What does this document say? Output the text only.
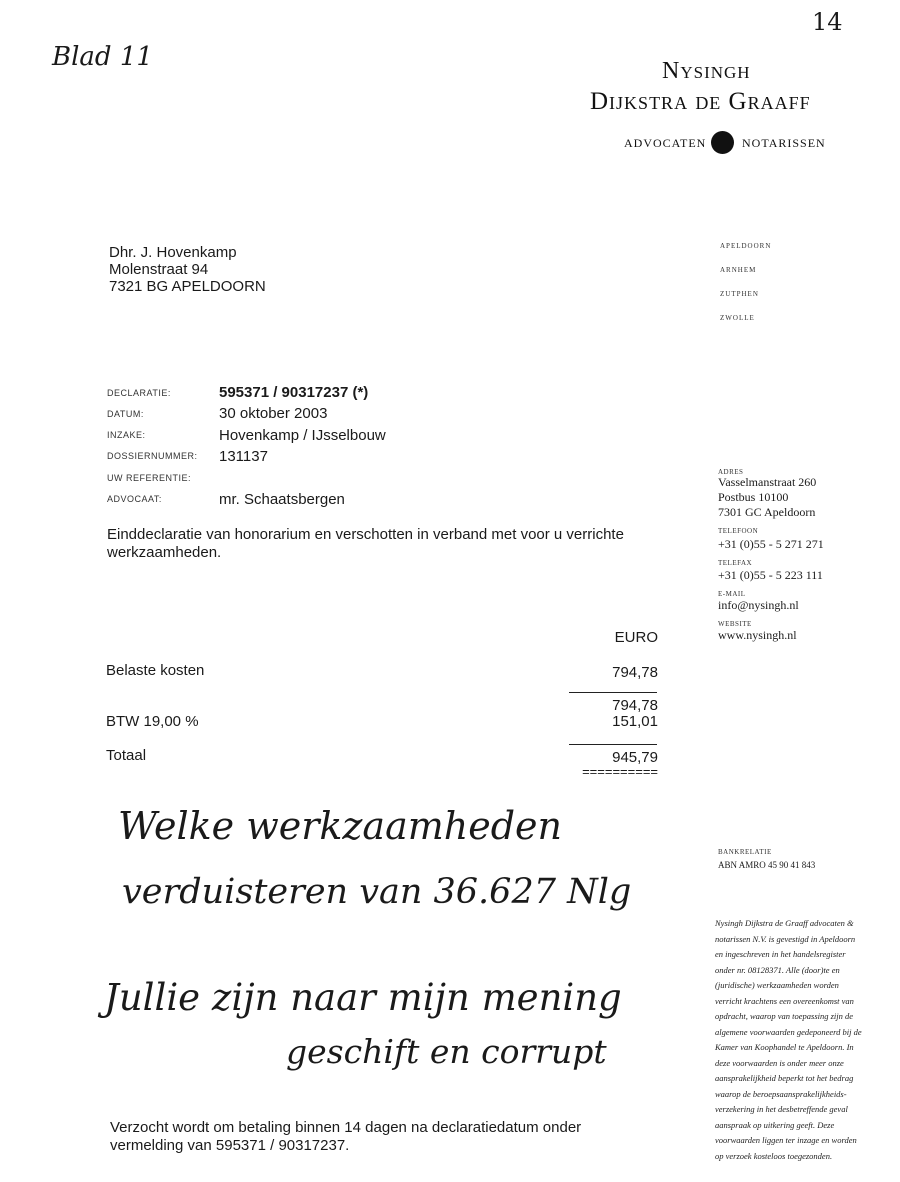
14
Blad 11	Nysingh
Dijkstra de Graaff
ADVOCATEN	NOTARISSEN
Dhr. J. Hovenkamp
Molenstraat 94
7321 BG APELDOORN
APELDOORN
ARNHEM
ZUTPHEN
ZWOLLE
DECLARATIE:	595371 / 90317237 (*)
DATUM:	30 oktober 2003
INZAKE:	Hovenkamp / IJsselbouw
DOSSIERNUMMER: 131137
UW REFERENTIE:
ADVOCAAT:	mr. Schaatsbergen
Einddeclaratie van honorarium en verschotten in verband met voor u verrichte
werkzaamheden.
ADRES
Vasselmanstraat 260
Postbus 10100
7301 GC Apeldoorn
TELEFOON
+31 (0)55 - 5 271 271
TELEFAX
+31 (0)55 - 5 223 111
E-MAIL
info@nysingh.nl
WEBSITE
www.nysingh.nl
EURO
Belaste kosten	794,78
794,78
BTW 19,00 %	151,01
Totaal	945,79
==========
Welke werkzaamheden
verduisteren van 36.627 Nlg
Jullie zijn naar mijn mening
geschift en corrupt
BANKRELATIE
ABN AMRO 45 90 41 843
Nysingh Dijkstra de Graaff advocaten & notarissen N.V. is gevestigd in Apeldoorn en ingeschreven in het handelsregister onder nr. 08128371. Alle (door)te en (juridische) werkzaamheden worden verricht krachtens een overeenkomst van opdracht, waarop van toepassing zijn de algemene voorwaarden gedeponeerd bij de Kamer van Koophandel te Apeldoorn. In deze voorwaarden is onder meer onze aansprakelijkheid beperkt tot het bedrag waarop de beroepsaansprakelijkheids-verzekering in het desbetreffende geval aanspraak op uitkering geeft. Deze voorwaarden liggen ter inzage en worden op verzoek kosteloos toegezonden.
Verzocht wordt om betaling binnen 14 dagen na declaratiedatum onder
vermelding van 595371 / 90317237.
